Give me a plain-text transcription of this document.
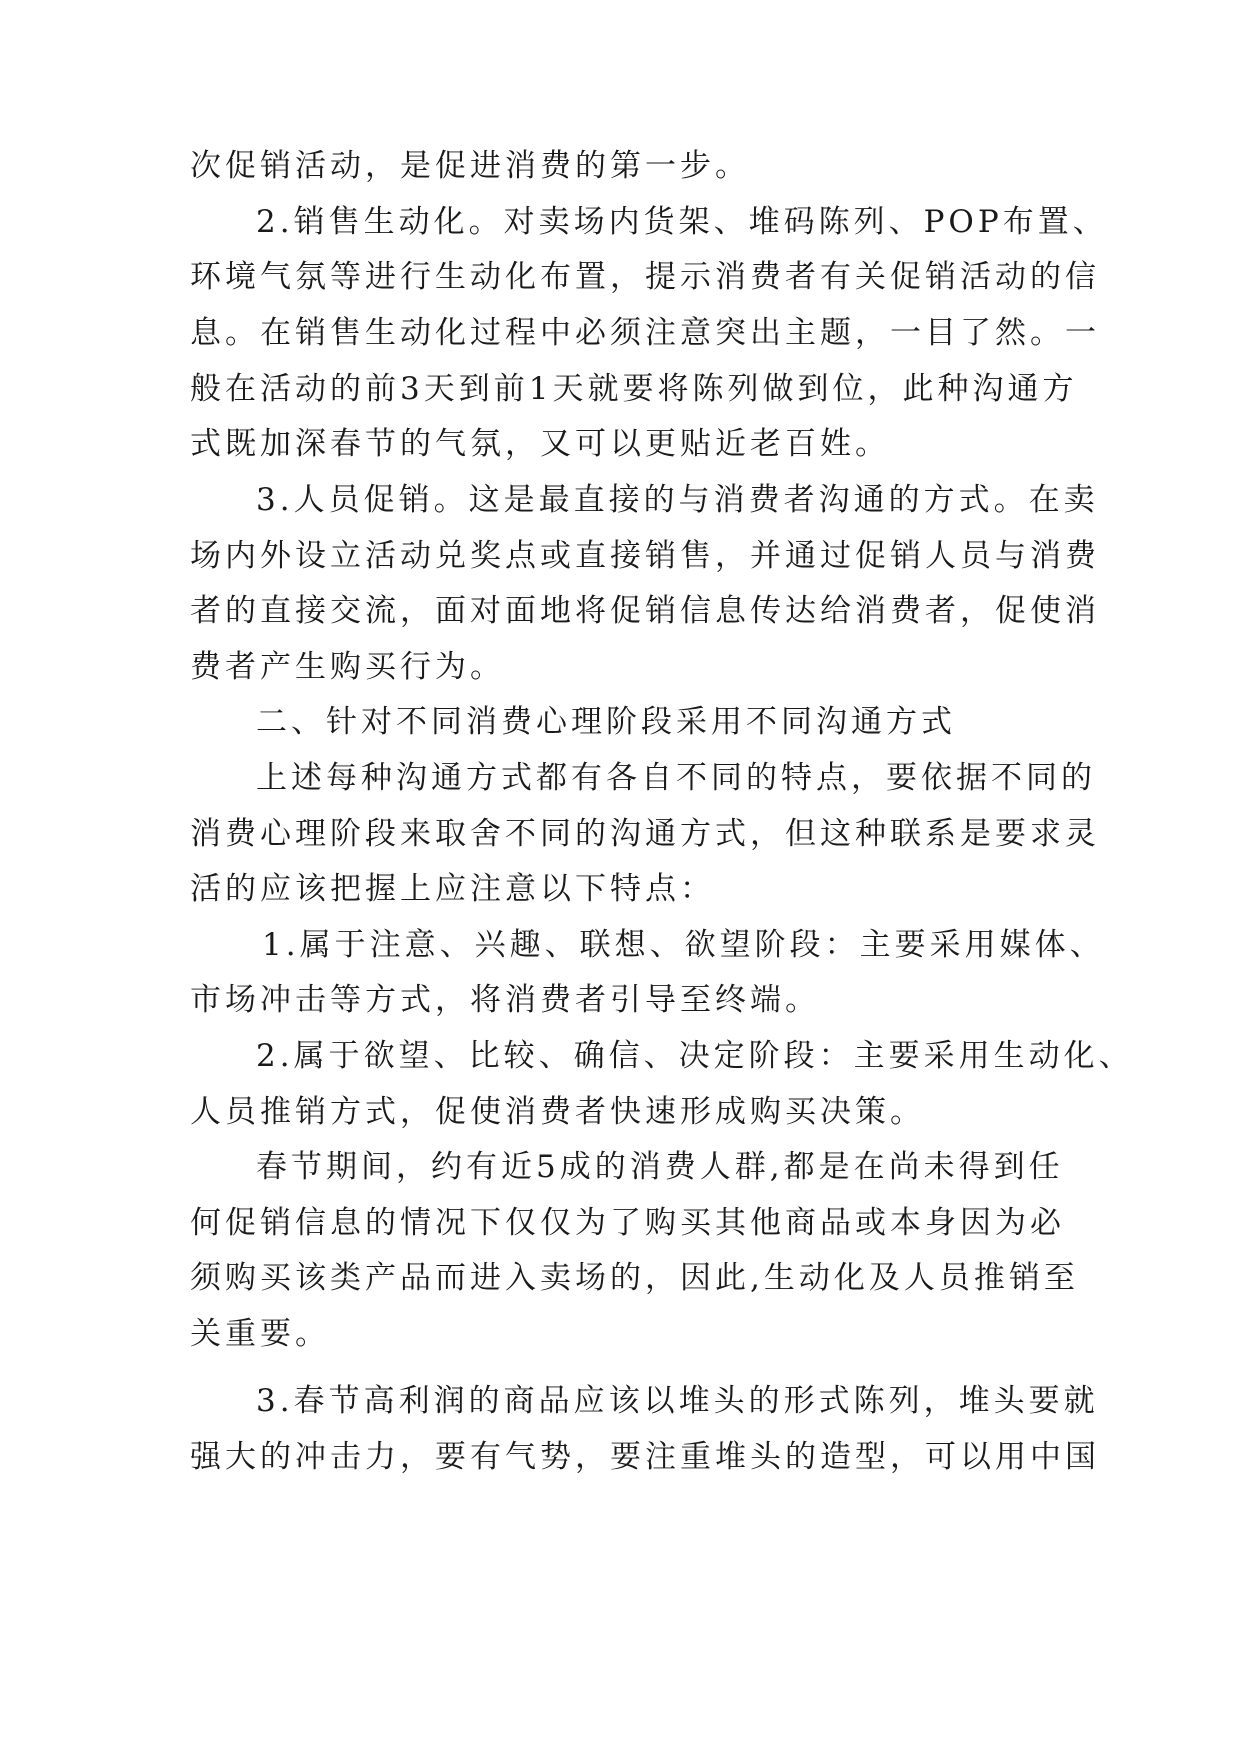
次促销活动，是促进消费的第一步。
2.销售生动化。对卖场内货架、堆码陈列、POP布置、
环境气氛等进行生动化布置，提示消费者有关促销活动的信
息。在销售生动化过程中必须注意突出主题，一目了然。一
般在活动的前3天到前1天就要将陈列做到位，此种沟通方
式既加深春节的气氛，又可以更贴近老百姓。
3.人员促销。这是最直接的与消费者沟通的方式。在卖
场内外设立活动兑奖点或直接销售，并通过促销人员与消费
者的直接交流，面对面地将促销信息传达给消费者，促使消
费者产生购买行为。
二、针对不同消费心理阶段采用不同沟通方式
上述每种沟通方式都有各自不同的特点，要依据不同的
消费心理阶段来取舍不同的沟通方式，但这种联系是要求灵
活的应该把握上应注意以下特点：
1.属于注意、兴趣、联想、欲望阶段：主要采用媒体、
市场冲击等方式，将消费者引导至终端。
2.属于欲望、比较、确信、决定阶段：主要采用生动化、
人员推销方式，促使消费者快速形成购买决策。
春节期间，约有近5成的消费人群,都是在尚未得到任
何促销信息的情况下仅仅为了购买其他商品或本身因为必
须购买该类产品而进入卖场的，因此,生动化及人员推销至
关重要。
3.春节高利润的商品应该以堆头的形式陈列，堆头要就
强大的冲击力，要有气势，要注重堆头的造型，可以用中国
